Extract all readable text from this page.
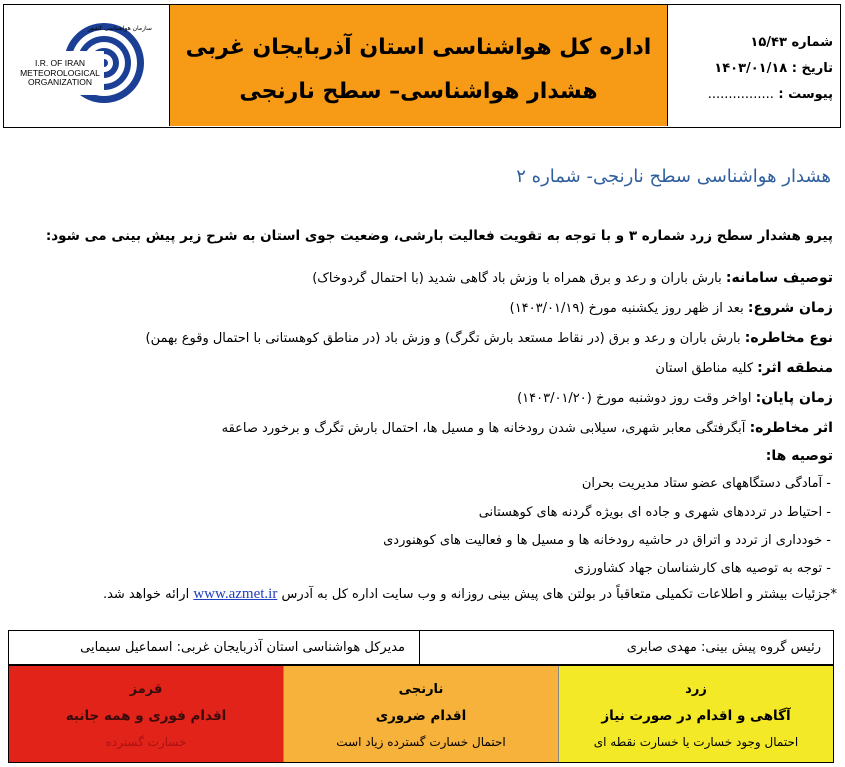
سازمان هواشناسی کشور
I.R. OF IRAN
METEOROLOGICAL
ORGANIZATION
اداره کل هواشناسی استان آذربایجان غربی
هشدار هواشناسی– سطح نارنجی
شماره ۱۵/۴۳
تاریخ : ۱۴۰۳/۰۱/۱۸
پیوست : ................
هشدار هواشناسی سطح نارنجی- شماره ۲
پیرو هشدار سطح زرد شماره ۳ و با توجه به تقویت فعالیت بارشی، وضعیت جوی استان به شرح زیر پیش بینی می شود:
توصیف سامانه: بارش باران و رعد و برق همراه با وزش باد گاهی شدید (با احتمال گردوخاک)
زمان شروع: بعد از ظهر روز یکشنبه مورخ (۱۴۰۳/۰۱/۱۹)
نوع مخاطره: بارش باران و رعد و برق (در نقاط مستعد بارش تگرگ) و وزش باد (در مناطق کوهستانی با احتمال وقوع بهمن)
منطقه اثر: کلیه مناطق استان
زمان پایان: اواخر وقت روز دوشنبه مورخ (۱۴۰۳/۰۱/۲۰)
اثر مخاطره: آبگرفتگی معابر شهری، سیلابی شدن رودخانه ها و مسیل ها، احتمال بارش تگرگ و برخورد صاعقه
توصیه ها:
- آمادگی دستگاههای عضو ستاد مدیریت بحران
- احتیاط در ترددهای شهری و جاده ای بویژه گردنه های کوهستانی
- خودداری از تردد و اتراق در حاشیه رودخانه ها و مسیل ها و فعالیت های کوهنوردی
- توجه به توصیه های کارشناسان جهاد کشاورزی
*جزئیات بیشتر و اطلاعات تکمیلی متعاقباً در بولتن های پیش بینی روزانه و وب سایت اداره کل به آدرس www.azmet.ir ارائه خواهد شد.
رئیس گروه پیش بینی: مهدی صابری
مدیرکل هواشناسی استان آذربایجان غربی: اسماعیل سیمایی
زرد
آگاهی و اقدام در صورت نیاز
احتمال وجود خسارت یا خسارت نقطه ای
نارنجی
اقدام ضروری
احتمال خسارت گسترده زیاد است
قرمز
اقدام فوری و همه جانبه
خسارت گسترده
